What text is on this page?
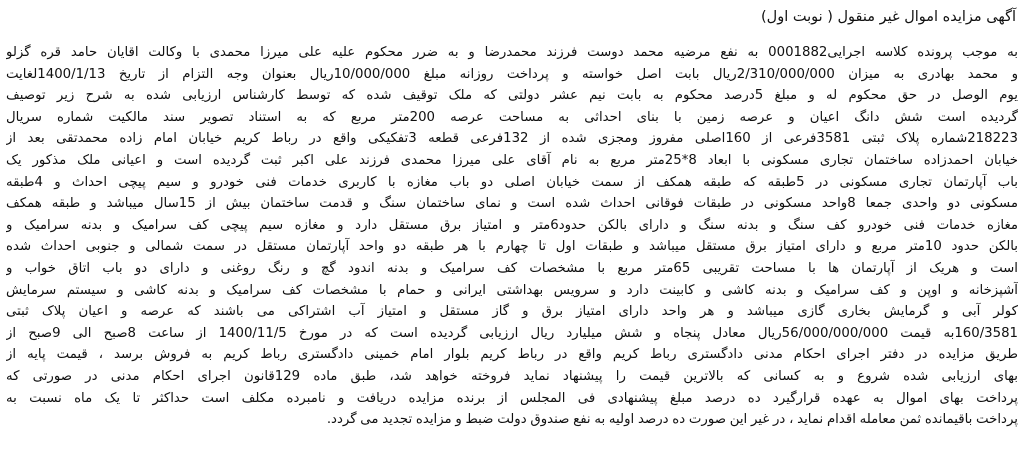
آگهی مزایده اموال غیر منقول ( نوبت اول)
به موجب پرونده کلاسه اجرایی0001882 به نفع مرضیه محمد دوست فرزند محمدرضا و به ضرر محکوم علیه علی میرزا محمدی با وکالت اقایان حامد قره گزلو
و محمد بهادری به میزان 2/310/000/000ریال بابت اصل خواسته و پرداخت روزانه مبلغ 10/000/000ریال بعنوان وجه التزام از تاریخ 1400/1/13لغایت
یوم الوصل در حق محکوم له و مبلغ 5درصد محکوم به بابت نیم عشر دولتی که ملک توقیف شده که توسط کارشناس ارزیابی شده به شرح زیر توصیف
گردیده است شش دانگ اعیان و عرصه زمین با بنای احداثی به مساحت عرصه 200متر مربع که به استناد تصویر سند مالکیت شماره سریال
218223شماره پلاک ثبتی 3581فرعی از 160اصلی مفروز ومجزی شده از 132فرعی قطعه 3تفکیکی واقع در رباط کریم خیابان امام زاده محمدتقی بعد از
خیابان احمدزاده ساختمان تجاری مسکونی با ابعاد 8*25متر مربع به نام آقای علی میرزا محمدی فرزند علی اکبر ثبت گردیده است و اعیانی ملک مذکور یک
باب آپارتمان تجاری مسکونی در 5طبقه که طبقه همکف از سمت خیابان اصلی دو باب مغازه با کاربری خدمات فنی خودرو و سیم پیچی احداث و 4طبقه
مسکونی دو واحدی جمعا 8واحد مسکونی در طبقات فوقانی احداث شده است و نمای ساختمان سنگ و قدمت ساختمان بیش از 15سال میباشد و طبقه همکف
مغازه خدمات فنی خودرو کف سنگ و بدنه سنگ و دارای بالکن حدود6متر و امتیاز برق مستقل دارد و مغازه سیم پیچی کف سرامیک و بدنه سرامیک و
بالکن حدود 10متر مربع و دارای امتیاز برق مستقل میباشد و طبقات اول تا چهارم با هر طبقه دو واحد آپارتمان مستقل در سمت شمالی و جنوبی احداث شده
است و هریک از آپارتمان ها با مساحت تقریبی 65متر مربع با مشخصات کف سرامیک و بدنه اندود گچ و رنگ روغنی و دارای دو باب اتاق خواب و
آشپزخانه و اوپن و کف سرامیک و بدنه کاشی و کابینت دارد و سرویس بهداشتی ایرانی و حمام با مشخصات کف سرامیک و بدنه کاشی و سیستم سرمایش
کولر آبی و گرمایش بخاری گازی میباشد و هر واحد دارای امتیاز برق و گاز مستقل و امتیاز آب اشتراکی می باشند که عرصه و اعیان پلاک ثبتی
160/3581به قیمت 56/000/000/000ریال معادل پنجاه و شش میلیارد ریال ارزیابی گردیده است که در مورخ 1400/11/5 از ساعت 8صبح الی 9صبح از
طریق مزایده در دفتر اجرای احکام مدنی دادگستری رباط کریم واقع در رباط کریم بلوار امام خمینی دادگستری رباط کریم به فروش برسد ، قیمت پایه از
بهای ارزیابی شده شروع و به کسانی که بالاترین قیمت را پیشنهاد نماید فروخته خواهد شد، طبق ماده 129قانون اجرای احکام مدنی در صورتی که
پرداخت بهای اموال به عهده قرارگیرد ده درصد مبلغ پیشنهادی فی المجلس از برنده مزایده دریافت و نامبرده مکلف است حداکثر تا یک ماه نسبت به
پرداخت باقیمانده ثمن معامله اقدام نماید ، در غیر این صورت ده درصد اولیه به نفع صندوق دولت ضبط و مزایده تجدید می گردد.
